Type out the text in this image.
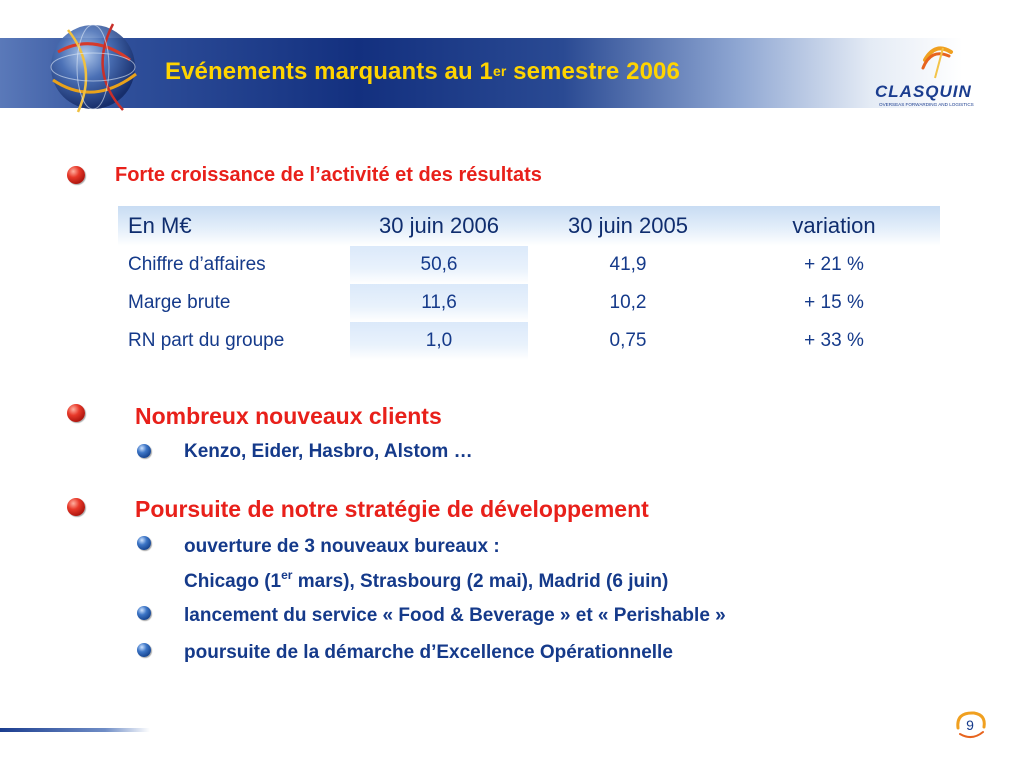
Evénements marquants au 1er semestre 2006
CLASQUIN
OVERSEAS FORWARDING AND LOGISTICS
Forte croissance de l’activité et des résultats
En M€	30 juin 2006	30 juin 2005	variation
Chiffre d’affaires	50,6	41,9	+ 21 %
Marge brute	11,6	10,2	+ 15 %
RN part du groupe	1,0	0,75	+ 33 %
Nombreux nouveaux clients
Kenzo, Eider, Hasbro, Alstom …
Poursuite de notre stratégie de développement
ouverture de 3 nouveaux bureaux :
Chicago (1er mars), Strasbourg (2 mai), Madrid (6 juin)
lancement du service « Food & Beverage » et « Perishable »
poursuite de la démarche d’Excellence Opérationnelle
9
